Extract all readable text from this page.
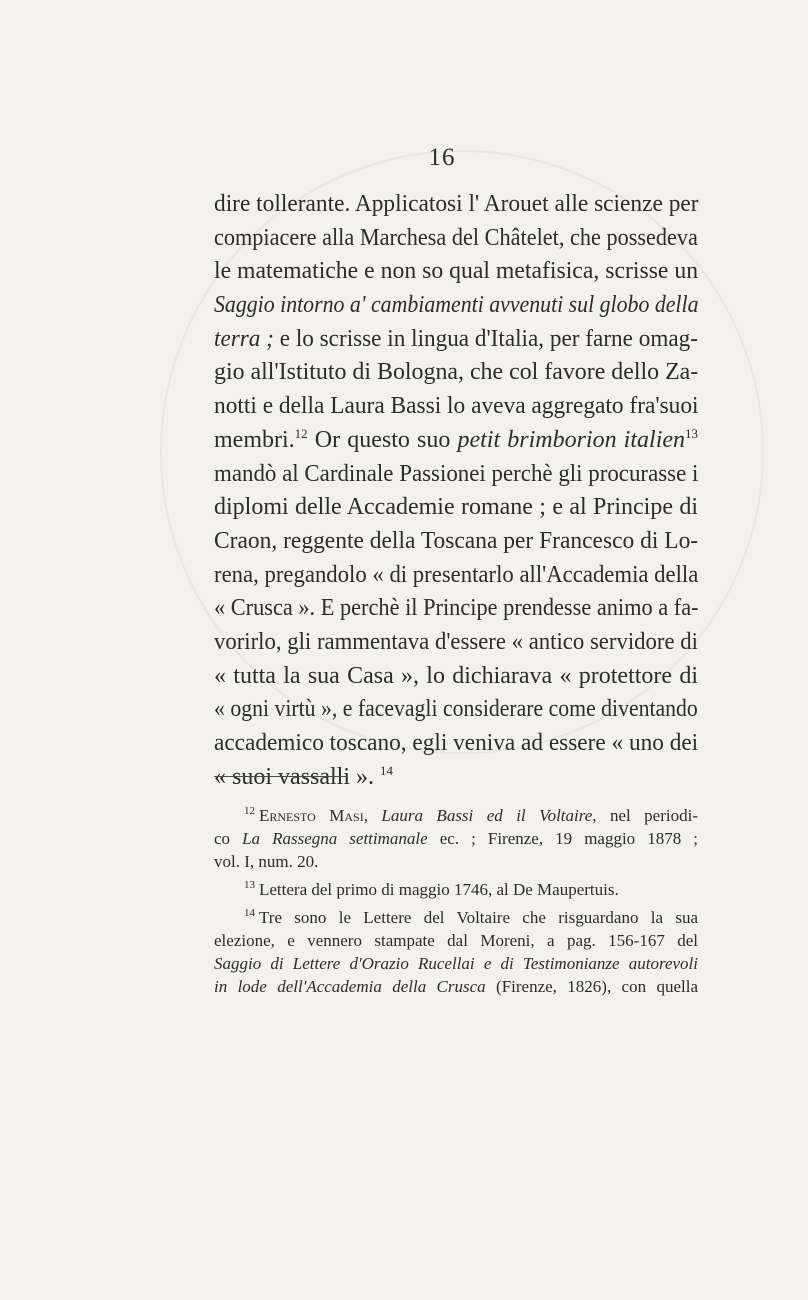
16
dire tollerante. Applicatosi l' Arouet alle scienze per
compiacere alla Marchesa del Châtelet, che possedeva
le matematiche e non so qual metafisica, scrisse un
Saggio intorno a' cambiamenti avvenuti sul globo della
terra ; e lo scrisse in lingua d'Italia, per farne omag-
gio all'Istituto di Bologna, che col favore dello Za-
notti e della Laura Bassi lo aveva aggregato fra'suoi
membri.$^{12}$ Or questo suo petit brimborion italien$^{13}$
mandò al Cardinale Passionei perchè gli procurasse i
diplomi delle Accademie romane ; e al Principe di
Craon, reggente della Toscana per Francesco di Lo-
rena, pregandolo « di presentarlo all'Accademia della
« Crusca ». E perchè il Principe prendesse animo a fa-
vorirlo, gli rammentava d'essere « antico servidore di
« tutta la sua Casa », lo dichiarava « protettore di
« ogni virtù », e facevagli considerare come diventando
accademico toscano, egli veniva ad essere « uno dei
« suoi vassalli ». $^{14}$
$^{12}$ Ernesto Masi, Laura Bassi ed il Voltaire, nel periodi-
co La Rassegna settimanale ec. ; Firenze, 19 maggio 1878 ;
vol. I, num. 20.
$^{13}$ Lettera del primo di maggio 1746, al De Maupertuis.
$^{14}$ Tre sono le Lettere del Voltaire che risguardano la sua
elezione, e vennero stampate dal Moreni, a pag. 156-167 del
Saggio di Lettere d'Orazio Rucellai e di Testimonianze autorevoli
in lode dell'Accademia della Crusca (Firenze, 1826), con quella
